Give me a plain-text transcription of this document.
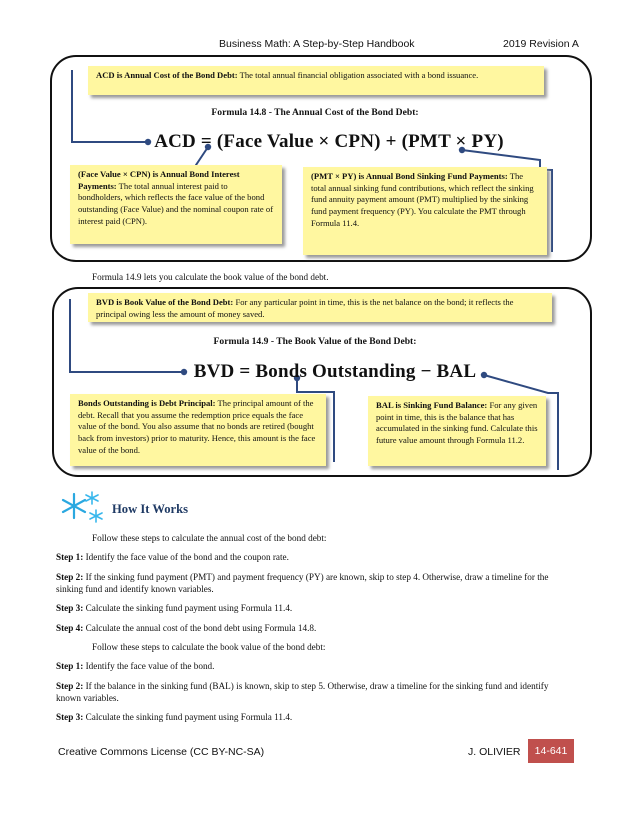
Business Math: A Step-by-Step Handbook	2019 Revision A
ACD is Annual Cost of the Bond Debt: The total annual financial obligation associated with a bond issuance.
Formula 14.8 - The Annual Cost of the Bond Debt:
ACD = (Face Value × CPN) + (PMT × PY)
(Face Value × CPN) is Annual Bond Interest Payments: The total annual interest paid to bondholders, which reflects the face value of the bond outstanding (Face Value) and the nominal coupon rate of interest paid (CPN).
(PMT × PY) is Annual Bond Sinking Fund Payments: The total annual sinking fund contributions, which reflect the sinking fund annuity payment amount (PMT) multiplied by the sinking fund payment frequency (PY). You calculate the PMT through Formula 11.4.
Formula 14.9 lets you calculate the book value of the bond debt.
BVD is Book Value of the Bond Debt: For any particular point in time, this is the net balance on the bond; it reflects the principal owing less the amount of money saved.
Formula 14.9 - The Book Value of the Bond Debt:
BVD = Bonds Outstanding − BAL
Bonds Outstanding is Debt Principal: The principal amount of the debt. Recall that you assume the redemption price equals the face value of the bond. You also assume that no bonds are retired (bought back from investors) prior to maturity. Hence, this amount is the face value of the bond.
BAL is Sinking Fund Balance: For any given point in time, this is the balance that has accumulated in the sinking fund. Calculate this future value amount through Formula 11.2.
How It Works
Follow these steps to calculate the annual cost of the bond debt:
Step 1: Identify the face value of the bond and the coupon rate.
Step 2: If the sinking fund payment (PMT) and payment frequency (PY) are known, skip to step 4. Otherwise, draw a timeline for the sinking fund and identify known variables.
Step 3: Calculate the sinking fund payment using Formula 11.4.
Step 4: Calculate the annual cost of the bond debt using Formula 14.8.
Follow these steps to calculate the book value of the bond debt:
Step 1: Identify the face value of the bond.
Step 2: If the balance in the sinking fund (BAL) is known, skip to step 5. Otherwise, draw a timeline for the sinking fund and identify known variables.
Step 3: Calculate the sinking fund payment using Formula 11.4.
Creative Commons License (CC BY-NC-SA)	J. OLIVIER	14-641
